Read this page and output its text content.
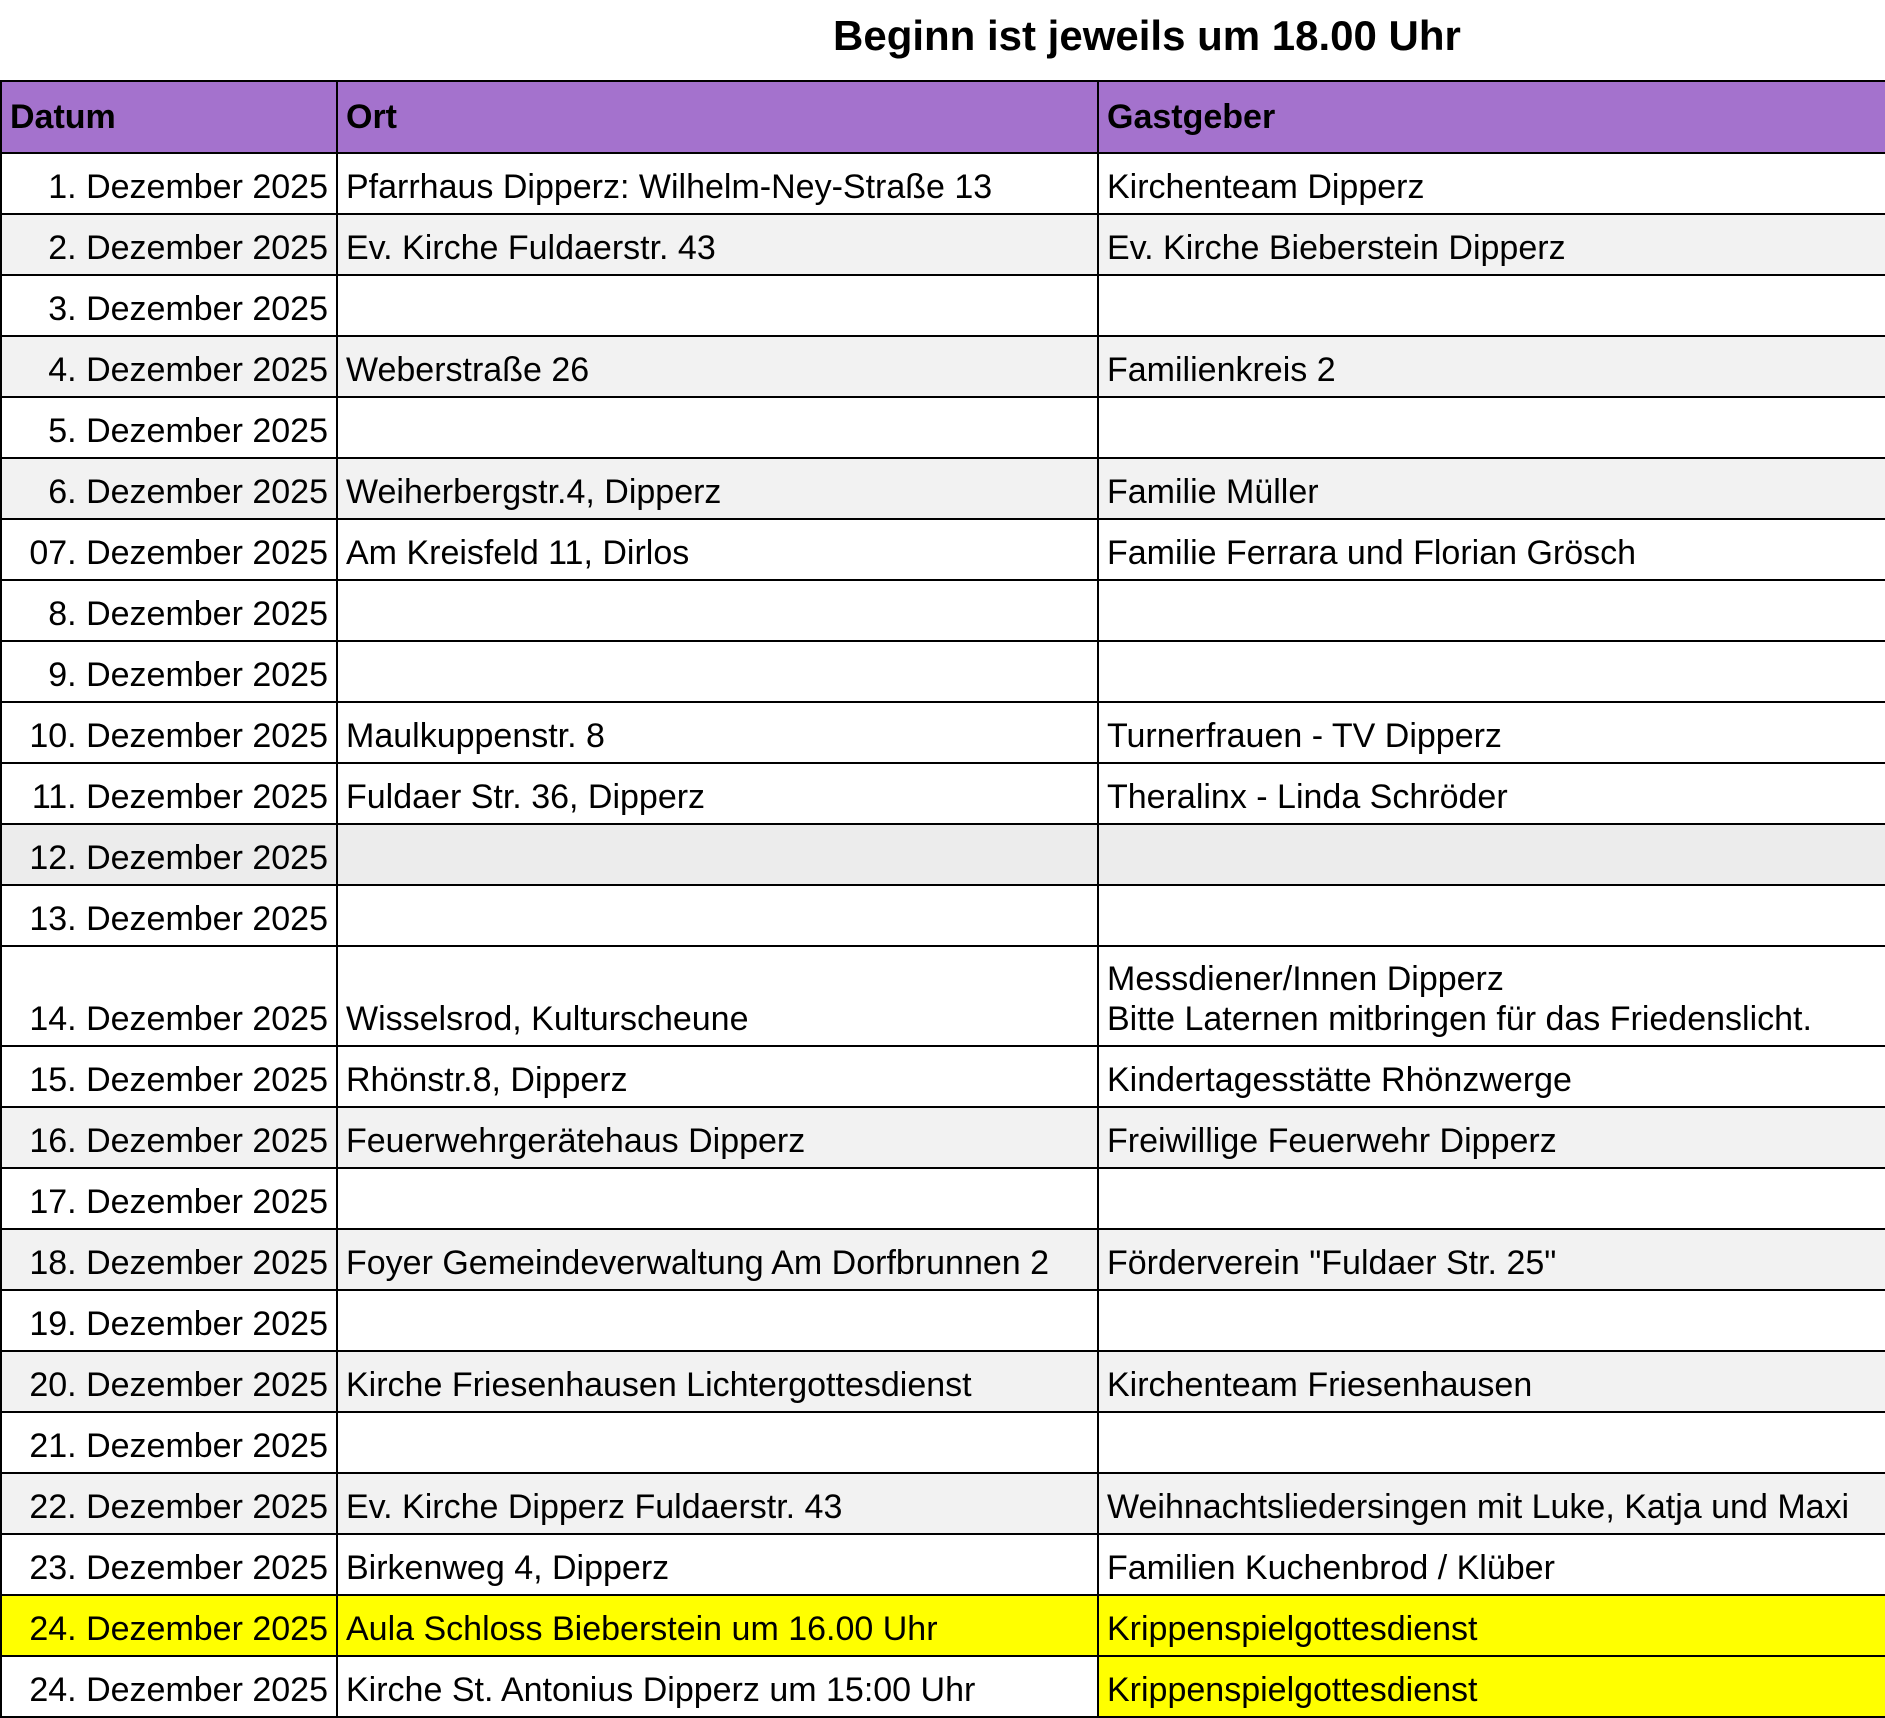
Beginn ist jeweils um 18.00 Uhr
Datum	Ort	Gastgeber
1. Dezember 2025	Pfarrhaus Dipperz: Wilhelm-Ney-Straße 13	Kirchenteam Dipperz
2. Dezember 2025	Ev. Kirche Fuldaerstr. 43	Ev. Kirche Bieberstein Dipperz
3. Dezember 2025		
4. Dezember 2025	Weberstraße 26	Familienkreis 2
5. Dezember 2025		
6. Dezember 2025	Weiherbergstr.4, Dipperz	Familie Müller
07. Dezember 2025	Am Kreisfeld 11, Dirlos	Familie Ferrara und Florian Grösch
8. Dezember 2025		
9. Dezember 2025		
10. Dezember 2025	Maulkuppenstr. 8	Turnerfrauen - TV Dipperz
11. Dezember 2025	Fuldaer Str. 36, Dipperz	Theralinx - Linda Schröder
12. Dezember 2025		
13. Dezember 2025		
14. Dezember 2025	Wisselsrod, Kulturscheune	Messdiener/Innen Dipperz
Bitte Laternen mitbringen für das Friedenslicht.

15. Dezember 2025	Rhönstr.8, Dipperz	Kindertagesstätte Rhönzwerge
16. Dezember 2025	Feuerwehrgerätehaus Dipperz	Freiwillige Feuerwehr Dipperz
17. Dezember 2025		
18. Dezember 2025	Foyer Gemeindeverwaltung Am Dorfbrunnen 2	Förderverein "Fuldaer Str. 25"
19. Dezember 2025		
20. Dezember 2025	Kirche Friesenhausen Lichtergottesdienst	Kirchenteam Friesenhausen
21. Dezember 2025		
22. Dezember 2025	Ev. Kirche Dipperz Fuldaerstr. 43	Weihnachtsliedersingen mit Luke, Katja und Maxi
23. Dezember 2025	Birkenweg 4, Dipperz	Familien Kuchenbrod / Klüber
24. Dezember 2025	Aula Schloss Bieberstein um 16.00 Uhr	Krippenspielgottesdienst
24. Dezember 2025	Kirche St. Antonius Dipperz um 15:00 Uhr	Krippenspielgottesdienst
